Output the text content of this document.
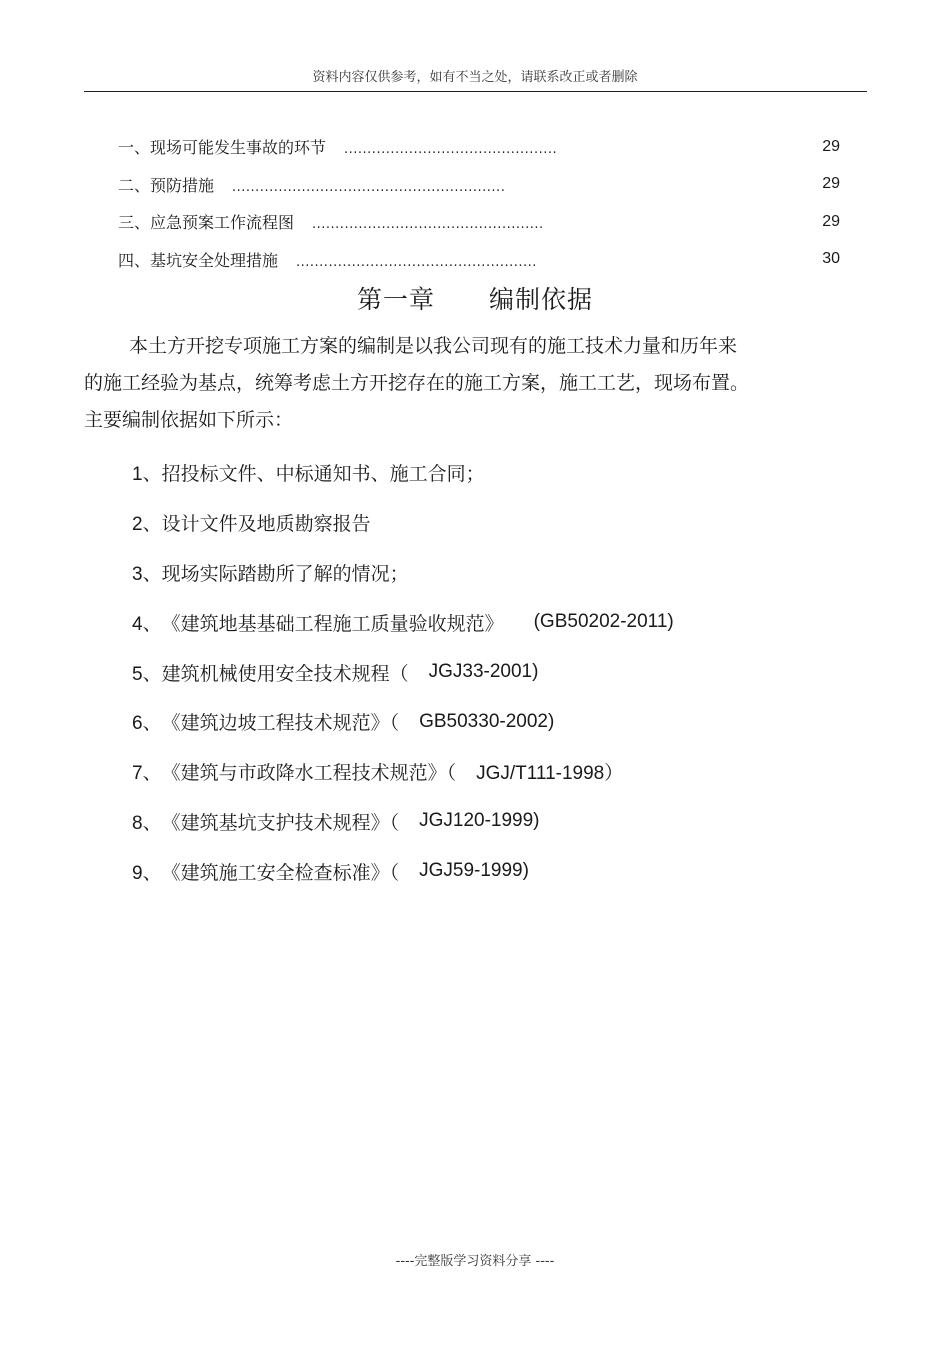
资料内容仅供参考，如有不当之处，请联系改正或者删除
一、现场可能发生事故的环节 ..............................................	29
二、预防措施 ...........................................................	29
三、应急预案工作流程图 ..................................................	29
四、基坑安全处理措施 ....................................................	30
第一章 编制依据

本土方开挖专项施工方案的编制是以我公司现有的施工技术力量和历年来

的施工经验为基点，统筹考虑土方开挖存在的施工方案，施工工艺，现场布置。

主要编制依据如下所示：

1、 招投标文件、中标通知书、施工合同；
2、 设计文件及地质勘察报告
3、 现场实际踏勘所了解的情况；
4、 《建筑地基基础工程施工质量验收规范》 (GB50202-2011)
5、 建筑机械使用安全技术规程（ JGJ33-2001)
6、 《建筑边坡工程技术规范》（ GB50330-2002)
7、 《建筑与市政降水工程技术规范》（ JGJ/T111-1998）
8、 《建筑基坑支护技术规程》（ JGJ120-1999)
9、 《建筑施工安全检查标准》（ JGJ59-1999)
----完整版学习资料分享 ----
